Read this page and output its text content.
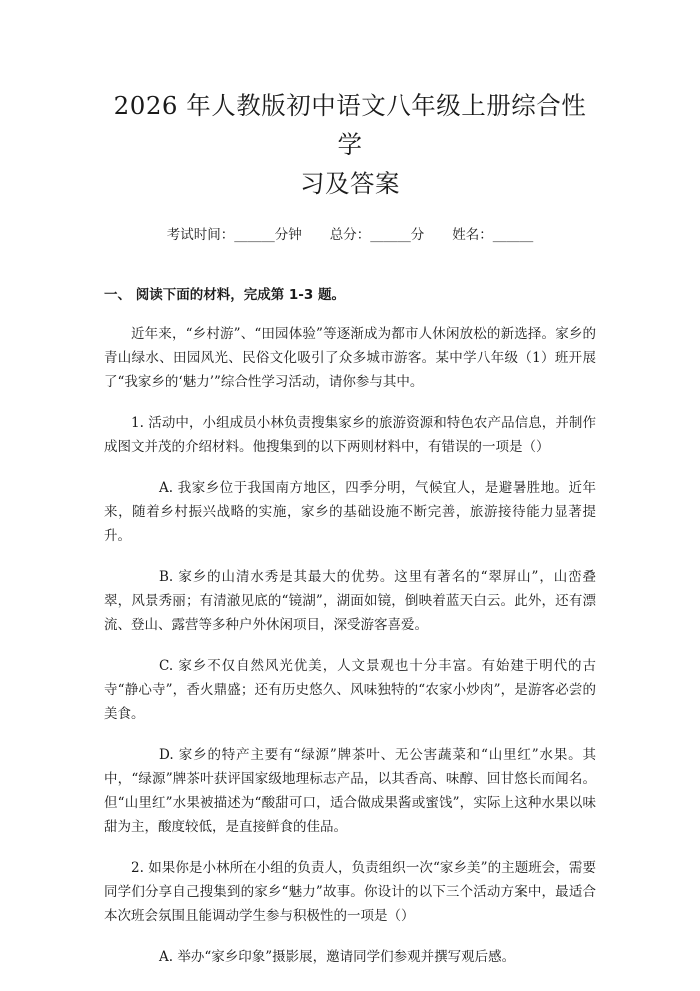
2026 年人教版初中语文八年级上册综合性学
习及答案
考试时间：______分钟 总分：______分 姓名：______
一、 阅读下面的材料，完成第 1-3 题。

近年来，“乡村游”、“田园体验”等逐渐成为都市人休闲放松的新选择。家乡的青山绿水、田园风光、民俗文化吸引了众多城市游客。某中学八年级（1）班开展了“我家乡的‘魅力’”综合性学习活动，请你参与其中。

1. 活动中，小组成员小林负责搜集家乡的旅游资源和特色农产品信息，并制作成图文并茂的介绍材料。他搜集到的以下两则材料中，有错误的一项是（）

A. 我家乡位于我国南方地区，四季分明，气候宜人，是避暑胜地。近年来，随着乡村振兴战略的实施，家乡的基础设施不断完善，旅游接待能力显著提升。

B. 家乡的山清水秀是其最大的优势。这里有著名的“翠屏山”，山峦叠翠，风景秀丽；有清澈见底的“镜湖”，湖面如镜，倒映着蓝天白云。此外，还有漂流、登山、露营等多种户外休闲项目，深受游客喜爱。

C. 家乡不仅自然风光优美，人文景观也十分丰富。有始建于明代的古寺“静心寺”，香火鼎盛；还有历史悠久、风味独特的“农家小炒肉”，是游客必尝的美食。

D. 家乡的特产主要有“绿源”牌茶叶、无公害蔬菜和“山里红”水果。其中，“绿源”牌茶叶获评国家级地理标志产品，以其香高、味醇、回甘悠长而闻名。但“山里红”水果被描述为“酸甜可口，适合做成果酱或蜜饯”，实际上这种水果以味甜为主，酸度较低，是直接鲜食的佳品。

2. 如果你是小林所在小组的负责人，负责组织一次“家乡美”的主题班会，需要同学们分享自己搜集到的家乡“魅力”故事。你设计的以下三个活动方案中，最适合本次班会氛围且能调动学生参与积极性的一项是（）

A. 举办“家乡印象”摄影展，邀请同学们参观并撰写观后感。
